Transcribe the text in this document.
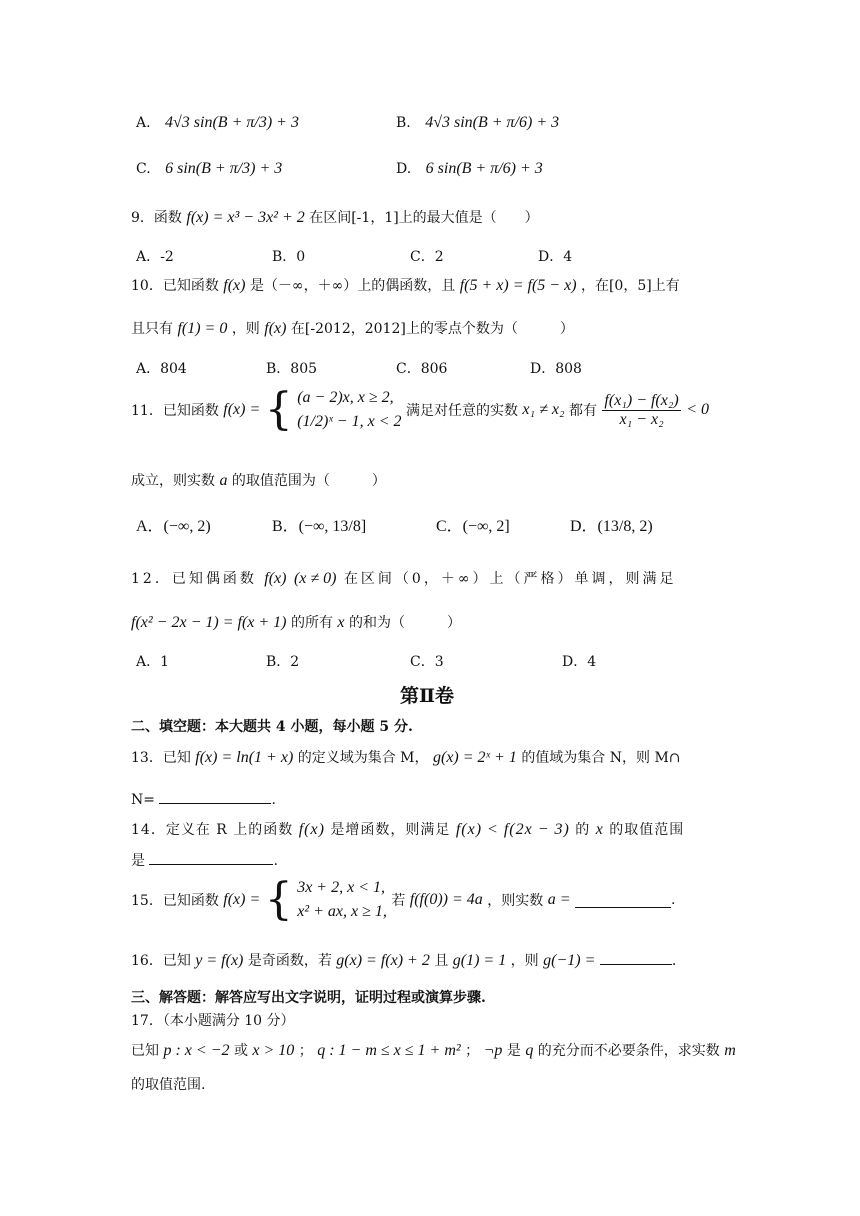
A. 4√3 sin(B + π/3) + 3	B. 4√3 sin(B + π/6) + 3
C. 6 sin(B + π/3) + 3	D. 6 sin(B + π/6) + 3
9．函数 f(x) = x³ − 3x² + 2 在区间[-1，1]上的最大值是（　　）
A．-2	B．0	C．2	D．4
10．已知函数 f(x) 是（－∞，＋∞）上的偶函数，且 f(5 + x) = f(5 − x) ，在[0，5]上有
且只有 f(1) = 0 ，则 f(x) 在[-2012，2012]上的零点个数为（　　　）
A．804	B．805	C．806	D．808
11．已知函数 f(x) = { (a − 2)x, x ≥ 2,
(1/2)ˣ − 1, x < 2
满足对任意的实数 x₁ ≠ x₂ 都有 $\frac{\text{f(x₁) − f(x₂)}}{\text{x₁ − x₂}} < 0$
成立，则实数 a 的取值范围为（　　　）
A．(−∞, 2)	B．(−∞, 13/8]	C．(−∞, 2]	D．(13/8, 2)
12．已知偶函数 f(x) (x ≠ 0) 在区间（0，＋∞）上（严格）单调，则满足
f(x² − 2x − 1) = f(x + 1) 的所有 x 的和为（　　　）
A．1	B．2	C．3	D．4
第Ⅱ卷
二、填空题：本大题共 4 小题，每小题 5 分.
13．已知 f(x) = ln(1 + x) 的定义域为集合 M， g(x) = 2ˣ + 1 的值域为集合 N，则 M∩
N=	.
14．定义在 R 上的函数 f(x) 是增函数，则满足 f(x) < f(2x − 3) 的 x 的取值范围
是	.
15．已知函数 f(x) = { 3x + 2, x < 1,
x² + ax, x ≥ 1,
若 f(f(0)) = 4a ，则实数 a =	.
16．已知 y = f(x) 是奇函数，若 g(x) = f(x) + 2 且 g(1) = 1 ，则 g(−1) =	.
三、解答题：解答应写出文字说明，证明过程或演算步骤.
17．（本小题满分 10 分）
已知 p : x < −2 或 x > 10 ； q : 1 − m ≤ x ≤ 1 + m² ； ¬p 是 q 的充分而不必要条件，求实数 m
的取值范围.
